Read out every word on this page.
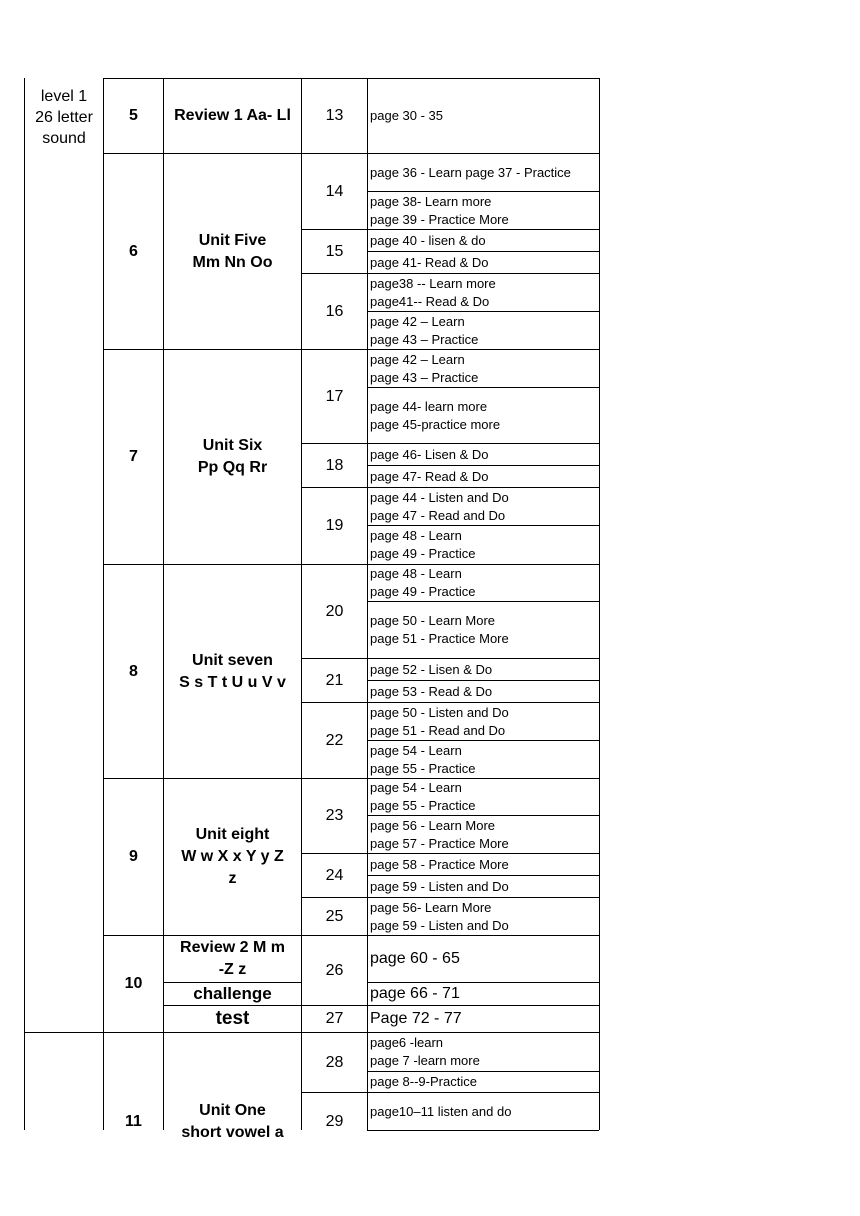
level 1
26 letter
sound
5	Review 1 Aa- Ll
6
Unit Five
Mm Nn Oo
7
Unit Six
Pp Qq Rr
8
Unit seven
S s T t U u V v
9
Unit eight
W w X x Y y Z
z
10
Review 2 M m
-Z z
challenge
test
11
Unit One
short vowel a
13
14
15
16
17
18
19
20
21
22
23
24
25
26
27
28
29
page 30 - 35
page 36 - Learn page 37 - Practice
page 38- Learn more
page 39 - Practice More
page 40 - lisen & do
page 41- Read & Do
page38 -- Learn more
page41-- Read & Do
page 42 – Learn
page 43 – Practice
page 42 – Learn
page 43 – Practice
page 44- learn more
page 45-practice more
page 46- Lisen & Do
page 47- Read & Do
page 44 - Listen and Do
page 47 - Read and Do
page 48 - Learn
page 49 - Practice
page 48 - Learn
page 49 - Practice
page 50 - Learn More
page 51 - Practice More
page 52 - Lisen & Do
page 53 - Read & Do
page 50 - Listen and Do
page 51 - Read and Do
page 54 - Learn
page 55 - Practice
page 54 - Learn
page 55 - Practice
page 56 - Learn More
page 57 - Practice More
page 58 - Practice More
page 59 - Listen and Do
page 56- Learn More
page 59 - Listen and Do
page 60 - 65
page 66 - 71
Page 72 - 77
page6 -learn
page 7 -learn more
page 8--9-Practice
page10–11 listen and do
